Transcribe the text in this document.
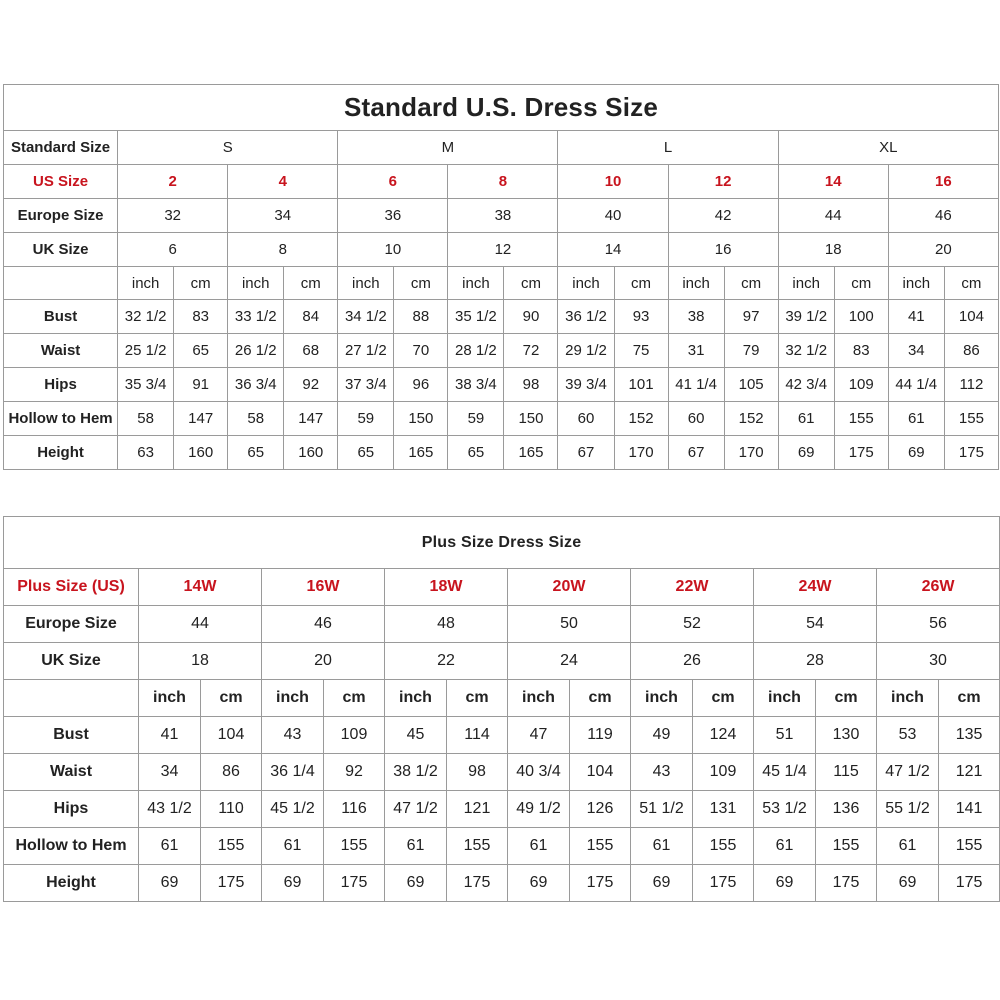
Standard U.S. Dress Size																
Standard Size	S				M				L				XL			
US Size	2		4		6		8		10		12		14		16	
Europe Size	32		34		36		38		40		42		44		46	
UK Size	6		8		10		12		14		16		18		20	
	inch	cm	inch	cm	inch	cm	inch	cm	inch	cm	inch	cm	inch	cm	inch	cm
Bust	32 1/2	83	33 1/2	84	34 1/2	88	35 1/2	90	36 1/2	93	38	97	39 1/2	100	41	104
Waist	25 1/2	65	26 1/2	68	27 1/2	70	28 1/2	72	29 1/2	75	31	79	32 1/2	83	34	86
Hips	35 3/4	91	36 3/4	92	37 3/4	96	38 3/4	98	39 3/4	101	41 1/4	105	42 3/4	109	44 1/4	112
Hollow to Hem	58	147	58	147	59	150	59	150	60	152	60	152	61	155	61	155
Height	63	160	65	160	65	165	65	165	67	170	67	170	69	175	69	175
Plus Size Dress Size														
Plus Size (US)	14W		16W		18W		20W		22W		24W		26W	
Europe Size	44		46		48		50		52		54		56	
UK Size	18		20		22		24		26		28		30	
	inch	cm	inch	cm	inch	cm	inch	cm	inch	cm	inch	cm	inch	cm
Bust	41	104	43	109	45	114	47	119	49	124	51	130	53	135
Waist	34	86	36 1/4	92	38 1/2	98	40 3/4	104	43	109	45 1/4	115	47 1/2	121
Hips	43 1/2	110	45 1/2	116	47 1/2	121	49 1/2	126	51 1/2	131	53 1/2	136	55 1/2	141
Hollow to Hem	61	155	61	155	61	155	61	155	61	155	61	155	61	155
Height	69	175	69	175	69	175	69	175	69	175	69	175	69	175
